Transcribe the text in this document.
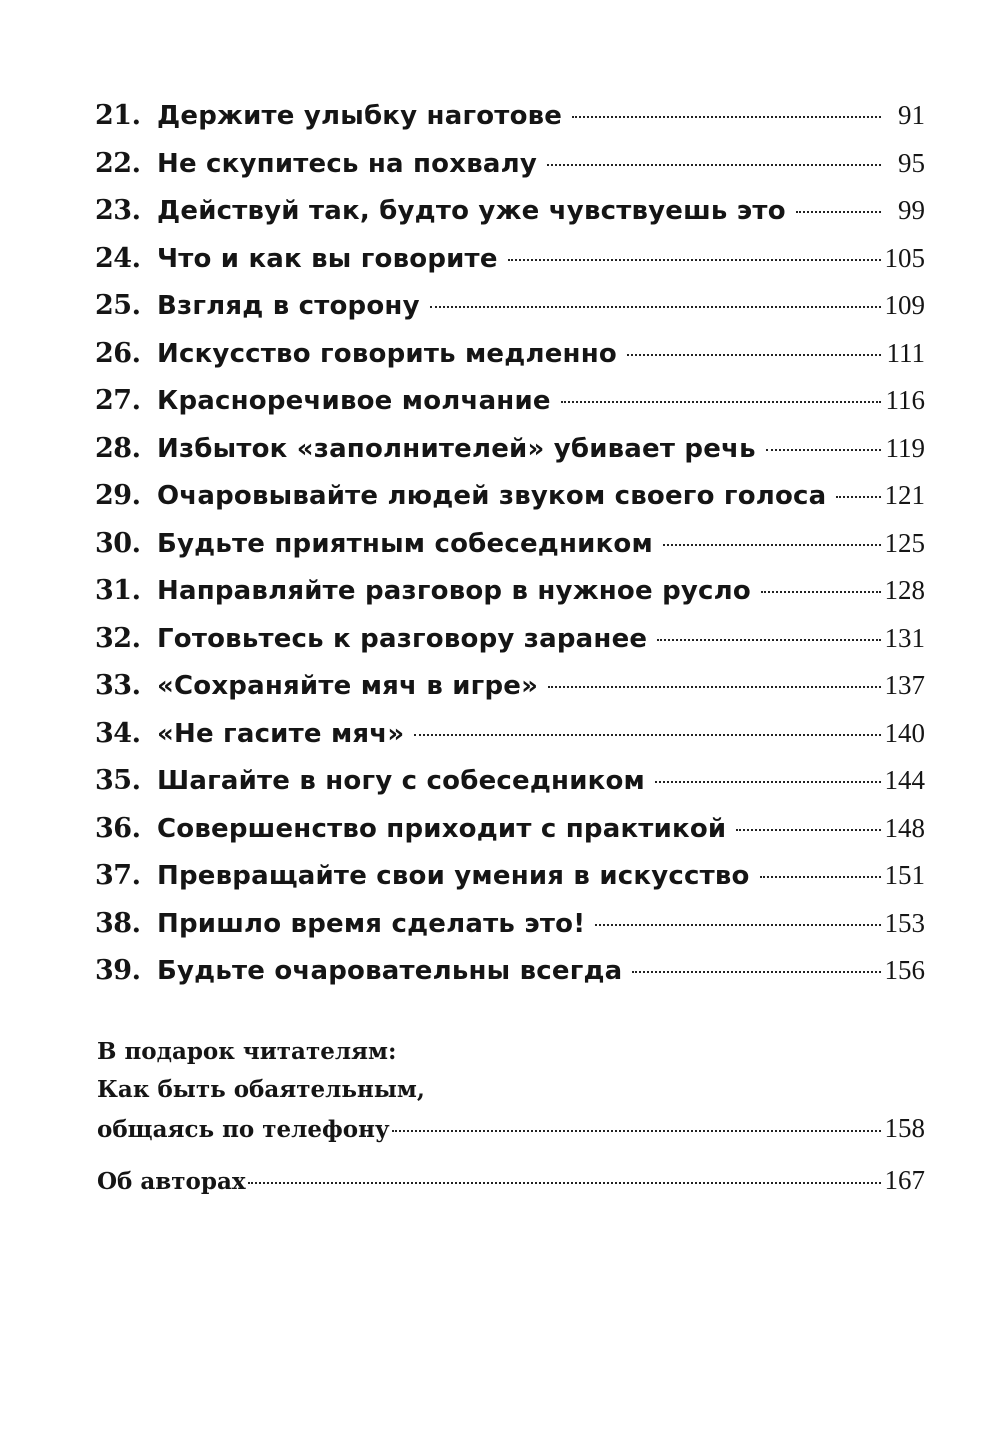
21. Держите улыбку наготове	91
22. Не скупитесь на похвалу	95
23. Действуй так, будто уже чувствуешь это	99
24. Что и как вы говорите	105
25. Взгляд в сторону	109
26. Искусство говорить медленно	111
27. Красноречивое молчание	116
28. Избыток «заполнителей» убивает речь	119
29. Очаровывайте людей звуком своего голоса 121
30. Будьте приятным собеседником	125
31. Направляйте разговор в нужное русло	128
32. Готовьтесь к разговору заранее	131
33. «Сохраняйте мяч в игре»	137
34. «Не гасите мяч»	140
35. Шагайте в ногу с собеседником	144
36. Совершенство приходит с практикой	148
37. Превращайте свои умения в искусство	151
38. Пришло время сделать это!	153
39. Будьте очаровательны всегда	156
В подарок читателям:
Как быть обаятельным,
общаясь по телефону	158
Об авторах	167
